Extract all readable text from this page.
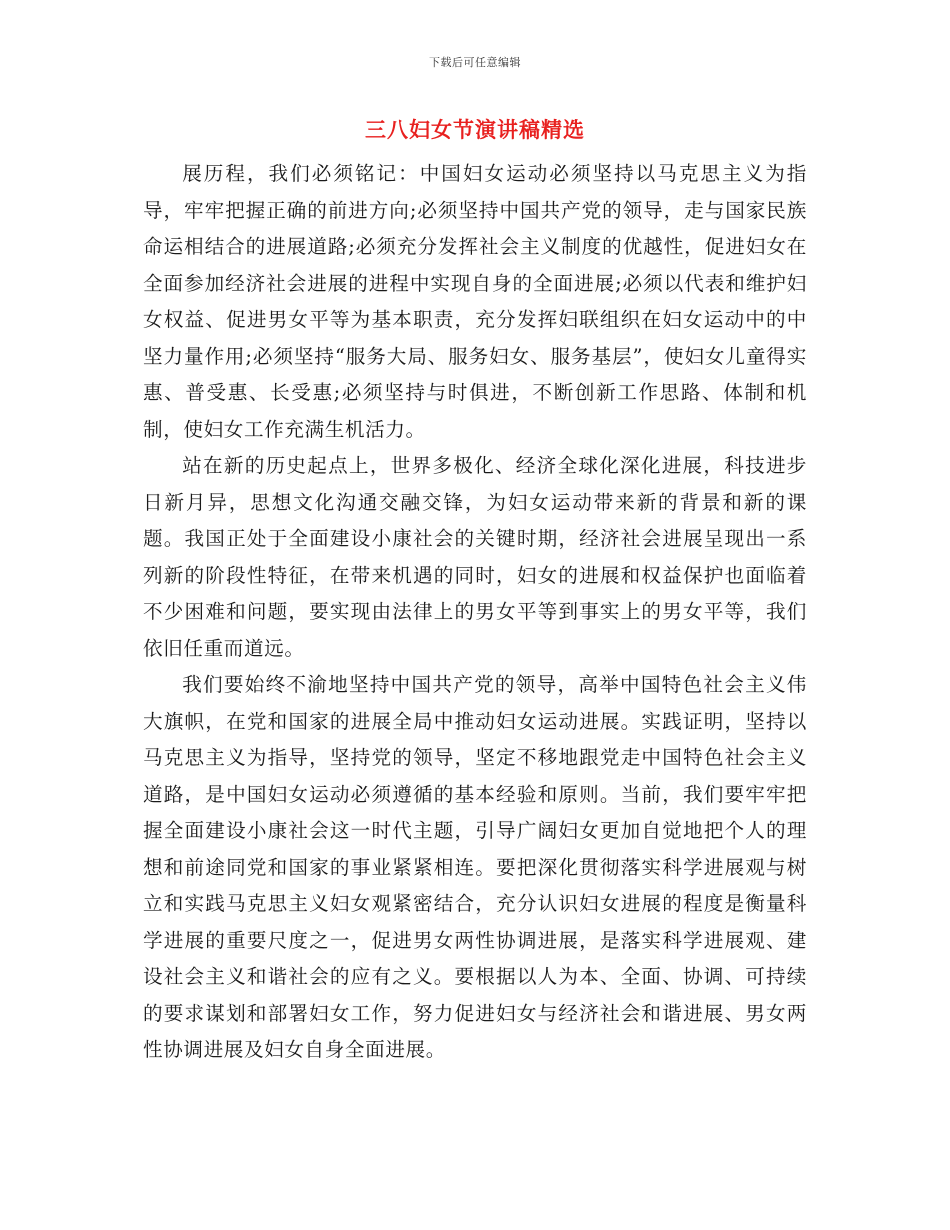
下载后可任意编辑
三八妇女节演讲稿精选

展历程，我们必须铭记：中国妇女运动必须坚持以马克思主义为指导，牢牢把握正确的前进方向;必须坚持中国共产党的领导，走与国家民族命运相结合的进展道路;必须充分发挥社会主义制度的优越性，促进妇女在全面参加经济社会进展的进程中实现自身的全面进展;必须以代表和维护妇女权益、促进男女平等为基本职责，充分发挥妇联组织在妇女运动中的中坚力量作用;必须坚持“服务大局、服务妇女、服务基层”，使妇女儿童得实惠、普受惠、长受惠;必须坚持与时俱进，不断创新工作思路、体制和机制，使妇女工作充满生机活力。

站在新的历史起点上，世界多极化、经济全球化深化进展，科技进步日新月异，思想文化沟通交融交锋，为妇女运动带来新的背景和新的课题。我国正处于全面建设小康社会的关键时期，经济社会进展呈现出一系列新的阶段性特征，在带来机遇的同时，妇女的进展和权益保护也面临着不少困难和问题，要实现由法律上的男女平等到事实上的男女平等，我们依旧任重而道远。

我们要始终不渝地坚持中国共产党的领导，高举中国特色社会主义伟大旗帜，在党和国家的进展全局中推动妇女运动进展。实践证明，坚持以马克思主义为指导，坚持党的领导，坚定不移地跟党走中国特色社会主义道路，是中国妇女运动必须遵循的基本经验和原则。当前，我们要牢牢把握全面建设小康社会这一时代主题，引导广阔妇女更加自觉地把个人的理想和前途同党和国家的事业紧紧相连。要把深化贯彻落实科学进展观与树立和实践马克思主义妇女观紧密结合，充分认识妇女进展的程度是衡量科学进展的重要尺度之一，促进男女两性协调进展，是落实科学进展观、建设社会主义和谐社会的应有之义。要根据以人为本、全面、协调、可持续的要求谋划和部署妇女工作，努力促进妇女与经济社会和谐进展、男女两性协调进展及妇女自身全面进展。
